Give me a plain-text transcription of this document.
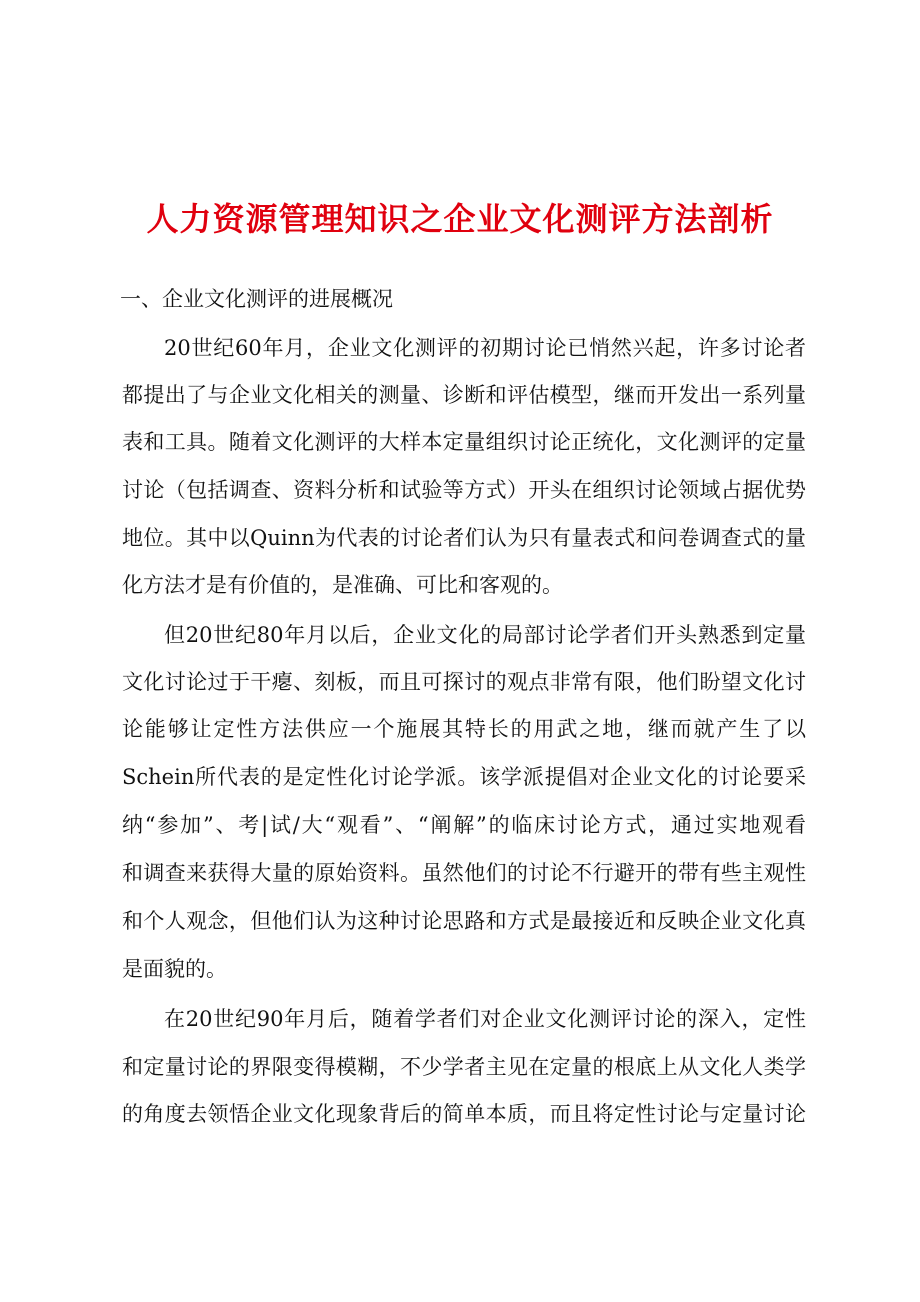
人力资源管理知识之企业文化测评方法剖析
一、企业文化测评的进展概况
20世纪60年月，企业文化测评的初期讨论已悄然兴起，许多讨论者
都提出了与企业文化相关的测量、诊断和评估模型，继而开发出一系列量
表和工具。随着文化测评的大样本定量组织讨论正统化，文化测评的定量
讨论（包括调查、资料分析和试验等方式）开头在组织讨论领域占据优势
地位。其中以Quinn为代表的讨论者们认为只有量表式和问卷调查式的量
化方法才是有价值的，是准确、可比和客观的。
但20世纪80年月以后，企业文化的局部讨论学者们开头熟悉到定量
文化讨论过于干瘪、刻板，而且可探讨的观点非常有限，他们盼望文化讨
论能够让定性方法供应一个施展其特长的用武之地，继而就产生了以
Schein所代表的是定性化讨论学派。该学派提倡对企业文化的讨论要采
纳“参加”、考|试/大“观看”、“阐解”的临床讨论方式，通过实地观看
和调查来获得大量的原始资料。虽然他们的讨论不行避开的带有些主观性
和个人观念，但他们认为这种讨论思路和方式是最接近和反映企业文化真
是面貌的。
在20世纪90年月后，随着学者们对企业文化测评讨论的深入，定性
和定量讨论的界限变得模糊，不少学者主见在定量的根底上从文化人类学
的角度去领悟企业文化现象背后的简单本质，而且将定性讨论与定量讨论
